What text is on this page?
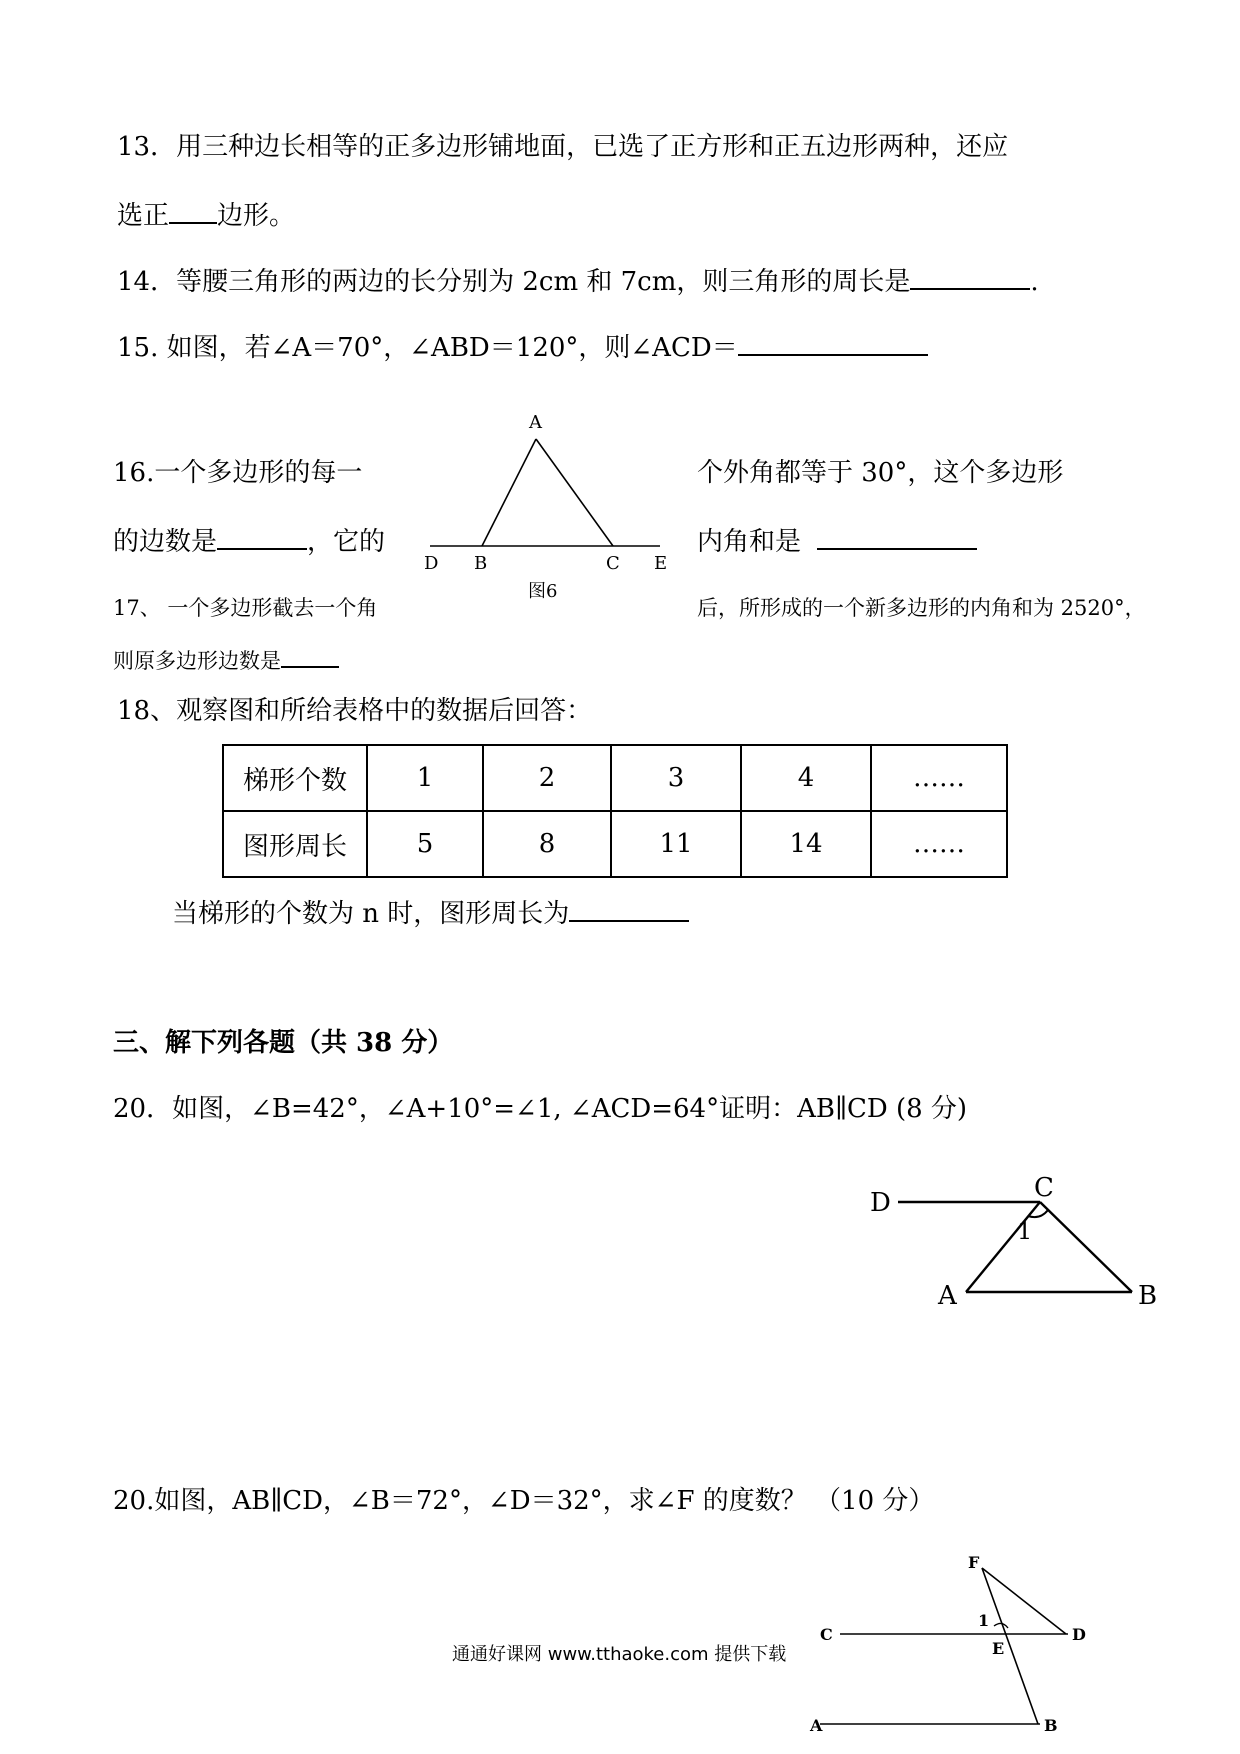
13．用三种边长相等的正多边形铺地面，已选了正方形和正五边形两种，还应
选正 边形。
14．等腰三角形的两边的长分别为 2cm 和 7cm，则三角形的周长是	.
15. 如图，若∠A＝70°，∠ABD＝120°，则∠ACD＝
A
D B	C E
图6
16.一个多边形的每一	个外角都等于 30°，这个多边形
的边数是	，它的	内角和是
17、 一个多边形截去一个角	后，所形成的一个新多边形的内角和为 2520°，
则原多边形边数是
18、观察图和所给表格中的数据后回答：
梯形个数	1	2	3	4	……
图形周长	5	8	11	14	……
当梯形的个数为 n 时，图形周长为
三、解下列各题（共 38 分）
20．如图，∠B=42°，∠A+10°=∠1, ∠ACD=64°证明：AB∥CD (8 分)
D	C
1
A	B
20.如图，AB∥CD，∠B＝72°，∠D＝32°，求∠F 的度数？ （10 分）
F
1
C	D
E
A	B
通通好课网 www.tthaoke.com 提供下载
